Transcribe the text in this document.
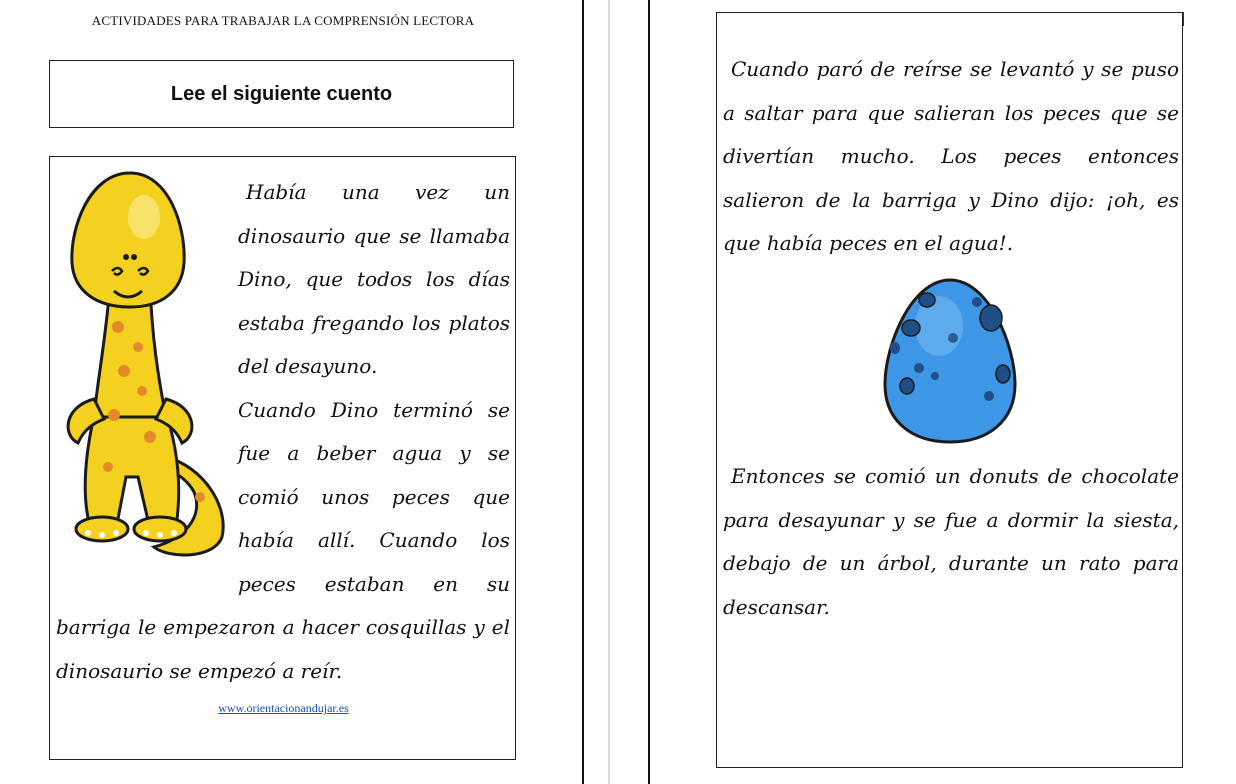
ACTIVIDADES PARA TRABAJAR LA COMPRENSIÓN LECTORA
Lee el siguiente cuento
Había una vez un dinosaurio que se llamaba Dino, que todos los días estaba fregando los platos del desayuno.
Cuando Dino terminó se fue a beber agua y se comió unos peces que había allí. Cuando los peces estaban en su barriga le empezaron a hacer cosquillas y el dinosaurio se empezó a reír.
www.orientacionandujar.es
Cuando paró de reírse se levantó y se puso a saltar para que salieran los peces que se divertían mucho. Los peces entonces salieron de la barriga y Dino dijo: ¡oh, es que había peces en el agua!.
Entonces se comió un donuts de chocolate para desayunar y se fue a dormir la siesta, debajo de un árbol, durante un rato para descansar.
